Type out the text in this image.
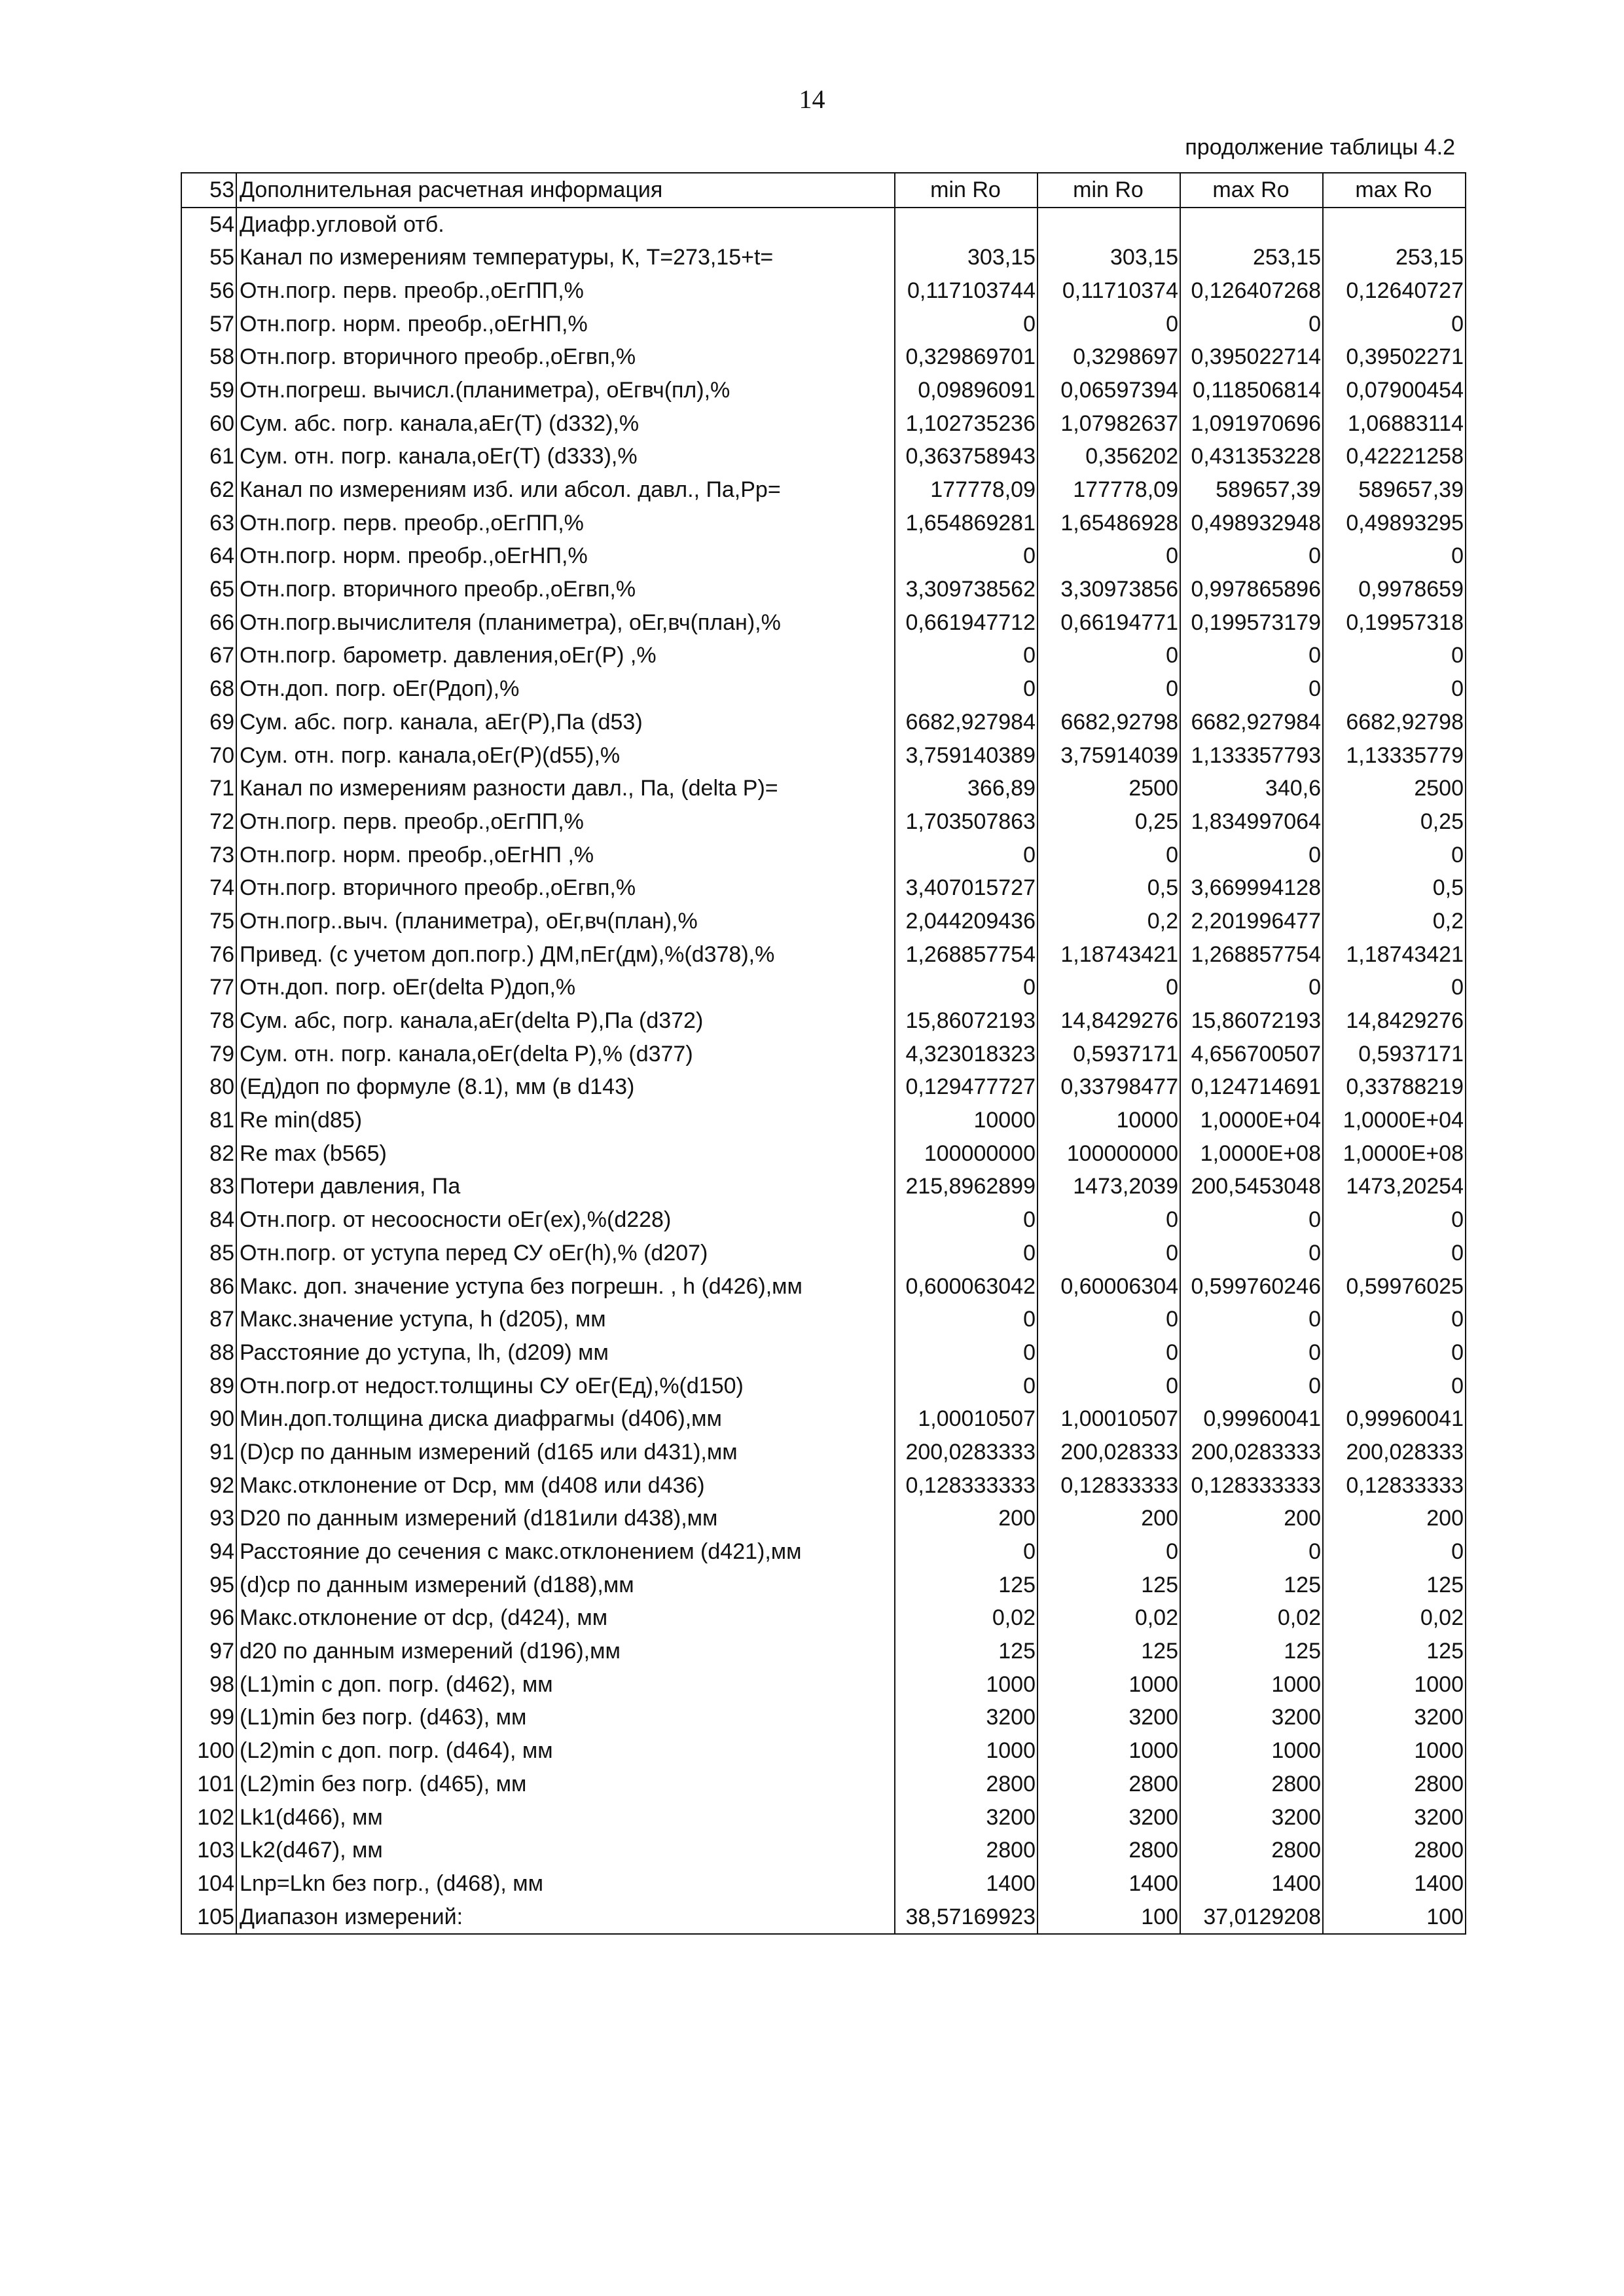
14
продолжение таблицы 4.2
53	Дополнительная расчетная информация	min Ro	min Ro	max Ro	max Ro
54	Диафр.угловой отб.				
55	Канал по измерениям температуры, К, Т=273,15+t=	303,15	303,15	253,15	253,15
56	Отн.погр. перв. преобр.,оЕгПП,%	0,117103744	0,11710374	0,126407268	0,12640727
57	Отн.погр. норм. преобр.,оЕгНП,%	0	0	0	0
58	Отн.погр. вторичного преобр.,оЕгвп,%	0,329869701	0,3298697	0,395022714	0,39502271
59	Отн.погреш. вычисл.(планиметра), оЕгвч(пл),%	0,09896091	0,06597394	0,118506814	0,07900454
60	Сум. абс. погр. канала,аЕг(Т) (d332),%	1,102735236	1,07982637	1,091970696	1,06883114
61	Сум. отн. погр. канала,оЕг(Т) (d333),%	0,363758943	0,356202	0,431353228	0,42221258
62	Канал по измерениям изб. или абсол. давл., Па,Рр=	177778,09	177778,09	589657,39	589657,39
63	Отн.погр. перв. преобр.,оЕгПП,%	1,654869281	1,65486928	0,498932948	0,49893295
64	Отн.погр. норм. преобр.,оЕгНП,%	0	0	0	0
65	Отн.погр. вторичного преобр.,оЕгвп,%	3,309738562	3,30973856	0,997865896	0,9978659
66	Отн.погр.вычислителя (планиметра), оЕг,вч(план),%	0,661947712	0,66194771	0,199573179	0,19957318
67	Отн.погр. барометр. давления,оЕг(Р) ,%	0	0	0	0
68	Отн.доп. погр. оЕг(Рдоп),%	0	0	0	0
69	Сум. абс. погр. канала, аЕг(Р),Па (d53)	6682,927984	6682,92798	6682,927984	6682,92798
70	Сум. отн. погр. канала,оЕг(Р)(d55),%	3,759140389	3,75914039	1,133357793	1,13335779
71	Канал по измерениям разности давл., Па, (delta P)=	366,89	2500	340,6	2500
72	Отн.погр. перв. преобр.,оЕгПП,%	1,703507863	0,25	1,834997064	0,25
73	Отн.погр. норм. преобр.,оЕгНП ,%	0	0	0	0
74	Отн.погр. вторичного преобр.,оЕгвп,%	3,407015727	0,5	3,669994128	0,5
75	Отн.погр..выч. (планиметра), оЕг,вч(план),%	2,044209436	0,2	2,201996477	0,2
76	Привед. (с учетом доп.погр.) ДМ,пЕг(дм),%(d378),%	1,268857754	1,18743421	1,268857754	1,18743421
77	Отн.доп. погр. оЕг(delta Р)доп,%	0	0	0	0
78	Сум. абс, погр. канала,аЕг(delta Р),Па (d372)	15,86072193	14,8429276	15,86072193	14,8429276
79	Сум. отн. погр. канала,оЕг(delta Р),% (d377)	4,323018323	0,5937171	4,656700507	0,5937171
80	(Ед)доп по формуле (8.1), мм (в d143)	0,129477727	0,33798477	0,124714691	0,33788219
81	Re min(d85)	10000	10000	1,0000E+04	1,0000E+04
82	Re max (b565)	100000000	100000000	1,0000E+08	1,0000E+08
83	Потери давления, Па	215,8962899	1473,2039	200,5453048	1473,20254
84	Отн.погр. от несоосности оЕг(ех),%(d228)	0	0	0	0
85	Отн.погр. от уступа перед СУ оЕг(h),% (d207)	0	0	0	0
86	Макс. доп. значение уступа без погрешн. , h (d426),мм	0,600063042	0,60006304	0,599760246	0,59976025
87	Макс.значение уступа, h (d205), мм	0	0	0	0
88	Расстояние до уступа, lh, (d209) мм	0	0	0	0
89	Отн.погр.от недост.толщины СУ оЕг(Ед),%(d150)	0	0	0	0
90	Мин.доп.толщина диска диафрагмы (d406),мм	1,00010507	1,00010507	0,99960041	0,99960041
91	(D)ср по данным измерений (d165 или d431),мм	200,0283333	200,028333	200,0283333	200,028333
92	Макс.отклонение от Dср, мм (d408 или d436)	0,128333333	0,12833333	0,128333333	0,12833333
93	D20 по данным измерений (d181или d438),мм	200	200	200	200
94	Расстояние до сечения с макс.отклонением (d421),мм	0	0	0	0
95	(d)ср по данным измерений (d188),мм	125	125	125	125
96	Макс.отклонение от dср, (d424), мм	0,02	0,02	0,02	0,02
97	d20 по данным измерений (d196),мм	125	125	125	125
98	(L1)min с доп. погр. (d462), мм	1000	1000	1000	1000
99	(L1)min без погр. (d463), мм	3200	3200	3200	3200
100	(L2)min с доп. погр. (d464), мм	1000	1000	1000	1000
101	(L2)min без погр. (d465), мм	2800	2800	2800	2800
102	Lk1(d466), мм	3200	3200	3200	3200
103	Lk2(d467), мм	2800	2800	2800	2800
104	Lnp=Lkn без погр., (d468), мм	1400	1400	1400	1400
105	Диапазон измерений:	38,57169923	100	37,0129208	100
